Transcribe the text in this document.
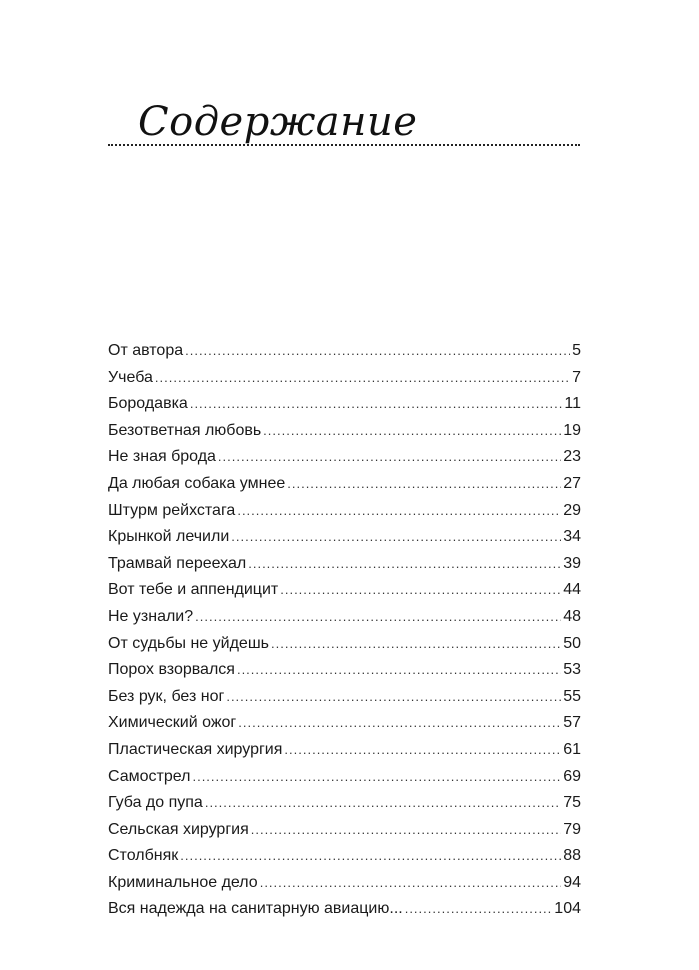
Содержание
От автора .....	5
Учеба .....	7
Бородавка .....	11
Безответная любовь .....	19
Не зная брода .....	23
Да любая собака умнее .....	27
Штурм рейхстага .....	29
Крынкой лечили .....	34
Трамвай переехал .....	39
Вот тебе и аппендицит .....	44
Не узнали? .....	48
От судьбы не уйдешь .....	50
Порох взорвался .....	53
Без рук, без ног .....	55
Химический ожог .....	57
Пластическая хирургия .....	61
Самострел .....	69
Губа до пупа .....	75
Сельская хирургия .....	79
Столбняк .....	88
Криминальное дело .....	94
Вся надежда на санитарную авиацию... .....	104
